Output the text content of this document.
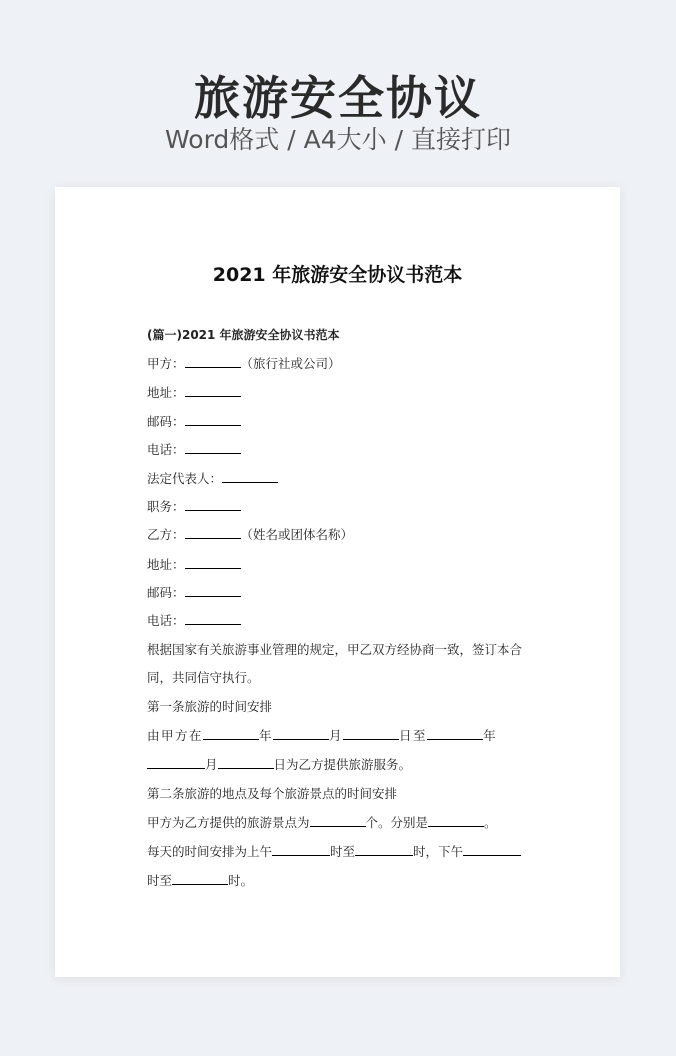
旅游安全协议
Word格式 / A4大小 / 直接打印
2021 年旅游安全协议书范本
(篇一)2021 年旅游安全协议书范本
甲方：	（旅行社或公司）
地址：
邮码：
电话：
法定代表人：
职务：
乙方：	（姓名或团体名称）
地址：
邮码：
电话：
根据国家有关旅游事业管理的规定，甲乙双方经协商一致，签订本合
同，共同信守执行。
第一条旅游的时间安排
由甲方在	年	月	日至	年
月	日为乙方提供旅游服务。
第二条旅游的地点及每个旅游景点的时间安排
甲方为乙方提供的旅游景点为	个。分别是	。
每天的时间安排为上午	时至	时，下午
时至	时。
